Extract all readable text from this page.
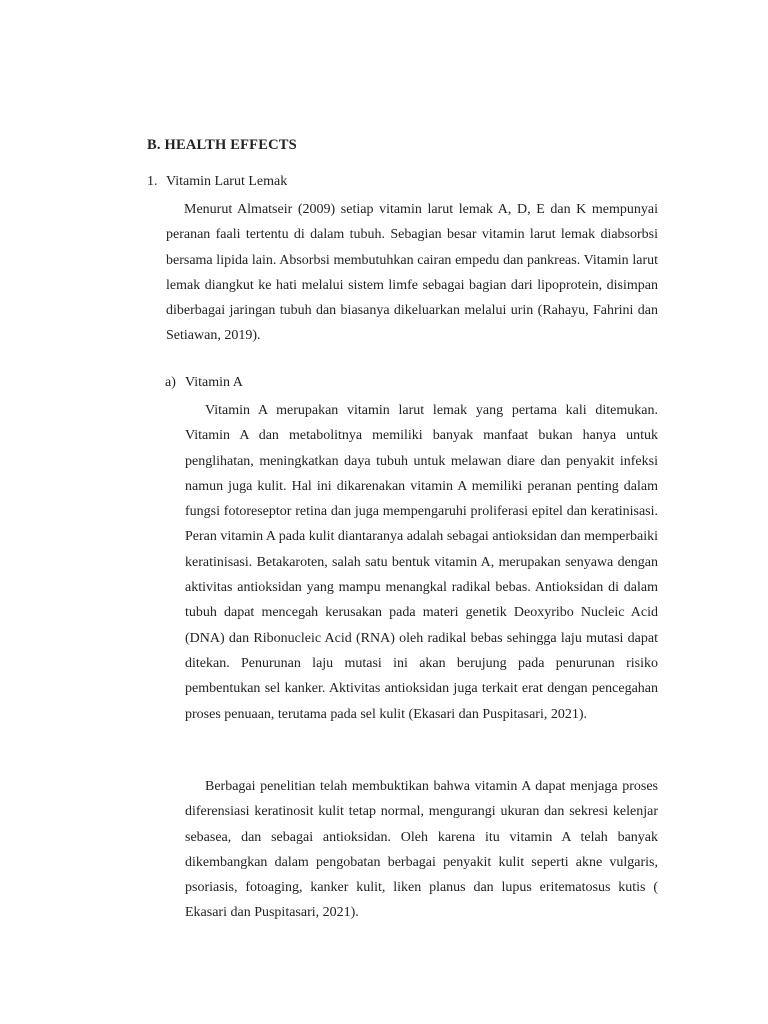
B. HEALTH EFFECTS
1. Vitamin Larut Lemak

Menurut Almatseir (2009) setiap vitamin larut lemak A, D, E dan K mempunyai peranan faali tertentu di dalam tubuh. Sebagian besar vitamin larut lemak diabsorbsi bersama lipida lain. Absorbsi membutuhkan cairan empedu dan pankreas. Vitamin larut lemak diangkut ke hati melalui sistem limfe sebagai bagian dari lipoprotein, disimpan diberbagai jaringan tubuh dan biasanya dikeluarkan melalui urin (Rahayu, Fahrini dan Setiawan, 2019).

a) Vitamin A

Vitamin A merupakan vitamin larut lemak yang pertama kali ditemukan. Vitamin A dan metabolitnya memiliki banyak manfaat bukan hanya untuk penglihatan, meningkatkan daya tubuh untuk melawan diare dan penyakit infeksi namun juga kulit. Hal ini dikarenakan vitamin A memiliki peranan penting dalam fungsi fotoreseptor retina dan juga mempengaruhi proliferasi epitel dan keratinisasi. Peran vitamin A pada kulit diantaranya adalah sebagai antioksidan dan memperbaiki keratinisasi. Betakaroten, salah satu bentuk vitamin A, merupakan senyawa dengan aktivitas antioksidan yang mampu menangkal radikal bebas. Antioksidan di dalam tubuh dapat mencegah kerusakan pada materi genetik Deoxyribo Nucleic Acid (DNA) dan Ribonucleic Acid (RNA) oleh radikal bebas sehingga laju mutasi dapat ditekan. Penurunan laju mutasi ini akan berujung pada penurunan risiko pembentukan sel kanker. Aktivitas antioksidan juga terkait erat dengan pencegahan proses penuaan, terutama pada sel kulit (Ekasari dan Puspitasari, 2021).

Berbagai penelitian telah membuktikan bahwa vitamin A dapat menjaga proses diferensiasi keratinosit kulit tetap normal, mengurangi ukuran dan sekresi kelenjar sebasea, dan sebagai antioksidan. Oleh karena itu vitamin A telah banyak dikembangkan dalam pengobatan berbagai penyakit kulit seperti akne vulgaris, psoriasis, fotoaging, kanker kulit, liken planus dan lupus eritematosus kutis ( Ekasari dan Puspitasari, 2021).
